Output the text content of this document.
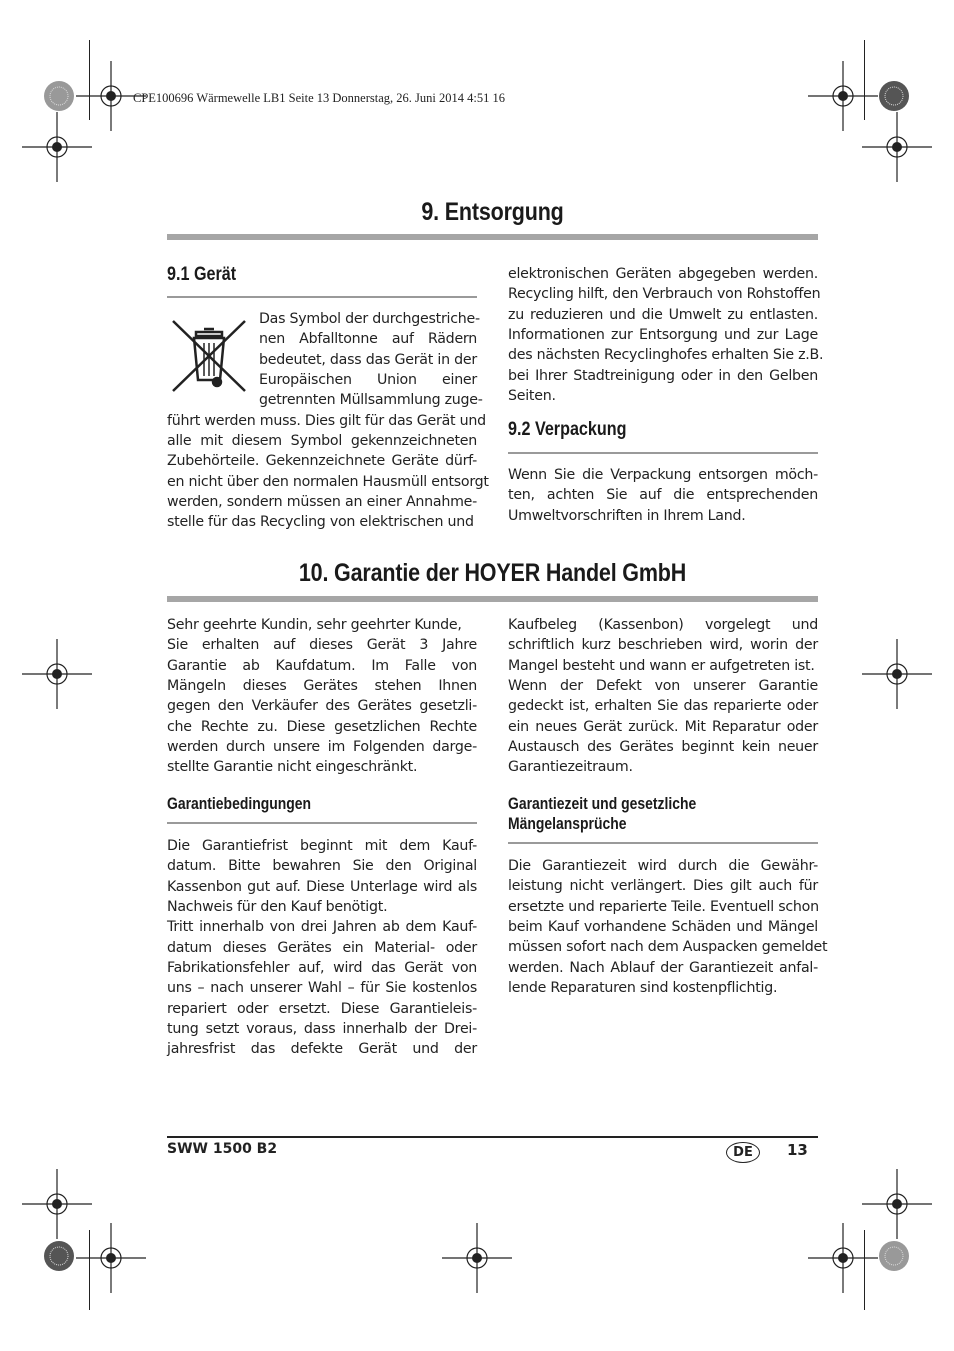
CPE100696 Wärmewelle LB1 Seite 13 Donnerstag, 26. Juni 2014 4:51 16
9. Entsorgung
9.1 Gerät
Das Symbol der durchgestriche-
nen Abfalltonne auf Rädern
bedeutet, dass das Gerät in der
Europäischen Union einer
getrennten Müllsammlung zuge-
führt werden muss. Dies gilt für das Gerät und
alle mit diesem Symbol gekennzeichneten
Zubehörteile. Gekennzeichnete Geräte dürf-
en nicht über den normalen Hausmüll entsorgt
werden, sondern müssen an einer Annahme-
stelle für das Recycling von elektrischen und
elektronischen Geräten abgegeben werden.
Recycling hilft, den Verbrauch von Rohstoffen
zu reduzieren und die Umwelt zu entlasten.
Informationen zur Entsorgung und zur Lage
des nächsten Recyclinghofes erhalten Sie z.B.
bei Ihrer Stadtreinigung oder in den Gelben
Seiten.
9.2 Verpackung
Wenn Sie die Verpackung entsorgen möch-
ten, achten Sie auf die entsprechenden
Umweltvorschriften in Ihrem Land.
10. Garantie der HOYER Handel GmbH
Sehr geehrte Kundin, sehr geehrter Kunde,
Sie erhalten auf dieses Gerät 3 Jahre
Garantie ab Kaufdatum. Im Falle von
Mängeln dieses Gerätes stehen Ihnen
gegen den Verkäufer des Gerätes gesetzli-
che Rechte zu. Diese gesetzlichen Rechte
werden durch unsere im Folgenden darge-
stellte Garantie nicht eingeschränkt.
Kaufbeleg (Kassenbon) vorgelegt und
schriftlich kurz beschrieben wird, worin der
Mangel besteht und wann er aufgetreten ist.
Wenn der Defekt von unserer Garantie
gedeckt ist, erhalten Sie das reparierte oder
ein neues Gerät zurück. Mit Reparatur oder
Austausch des Gerätes beginnt kein neuer
Garantiezeitraum.
Garantiebedingungen
Die Garantiefrist beginnt mit dem Kauf-
datum. Bitte bewahren Sie den Original
Kassenbon gut auf. Diese Unterlage wird als
Nachweis für den Kauf benötigt.
Tritt innerhalb von drei Jahren ab dem Kauf-
datum dieses Gerätes ein Material- oder
Fabrikationsfehler auf, wird das Gerät von
uns – nach unserer Wahl – für Sie kostenlos
repariert oder ersetzt. Diese Garantieleis-
tung setzt voraus, dass innerhalb der Drei-
jahresfrist das defekte Gerät und der
Garantiezeit und gesetzliche
Mängelansprüche
Die Garantiezeit wird durch die Gewähr-
leistung nicht verlängert. Dies gilt auch für
ersetzte und reparierte Teile. Eventuell schon
beim Kauf vorhandene Schäden und Mängel
müssen sofort nach dem Auspacken gemeldet
werden. Nach Ablauf der Garantiezeit anfal-
lende Reparaturen sind kostenpflichtig.
SWW 1500 B2	DE	13
